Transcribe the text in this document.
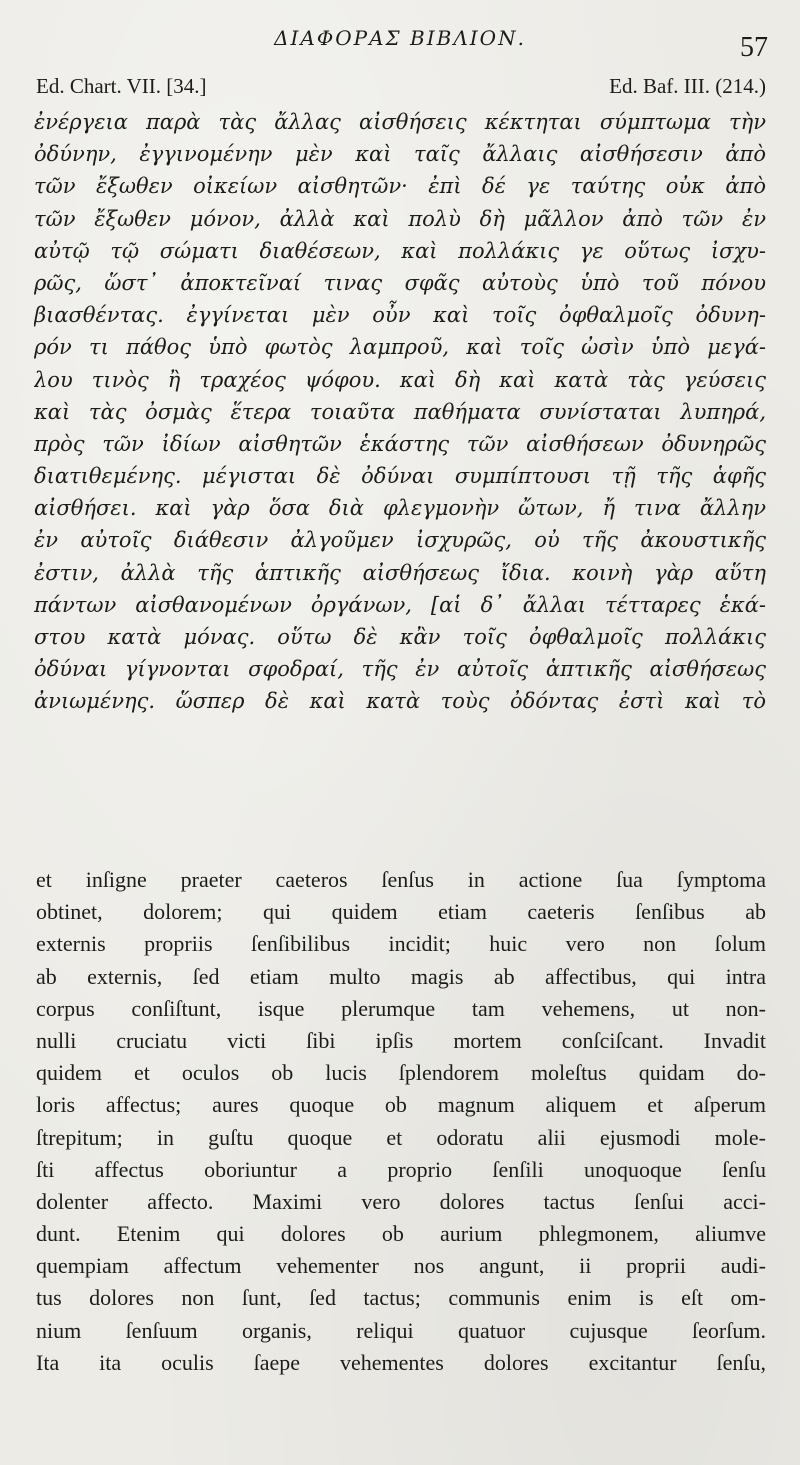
ΔΙΑΦΟΡΑΣ ΒΙΒΛΙΟΝ.	57
Ed. Chart. VII. [34.]	Ed. Baf. III. (214.)
ἐνέργεια παρὰ τὰς ἄλλας αἰσθήσεις κέκτηται σύμπτωμα τὴν
ὀδύνην, ἐγγινομένην μὲν καὶ ταῖς ἄλλαις αἰσθήσεσιν ἀπὸ
τῶν ἔξωθεν οἰκείων αἰσθητῶν· ἐπὶ δέ γε ταύτης οὐκ ἀπὸ
τῶν ἔξωθεν μόνον, ἀλλὰ καὶ πολὺ δὴ μᾶλλον ἀπὸ τῶν ἐν
αὐτῷ τῷ σώματι διαθέσεων, καὶ πολλάκις γε οὕτως ἰσχυ-
ρῶς, ὥστ᾽ ἀποκτεῖναί τινας σφᾶς αὐτοὺς ὑπὸ τοῦ πόνου
βιασθέντας. ἐγγίνεται μὲν οὖν καὶ τοῖς ὀφθαλμοῖς ὀδυνη-
ρόν τι πάθος ὑπὸ φωτὸς λαμπροῦ, καὶ τοῖς ὠσὶν ὑπὸ μεγά-
λου τινὸς ἢ τραχέος ψόφου. καὶ δὴ καὶ κατὰ τὰς γεύσεις
καὶ τὰς ὀσμὰς ἕτερα τοιαῦτα παθήματα συνίσταται λυπηρά,
πρὸς τῶν ἰδίων αἰσθητῶν ἑκάστης τῶν αἰσθήσεων ὀδυνηρῶς
διατιθεμένης. μέγισται δὲ ὀδύναι συμπίπτουσι τῇ τῆς ἁφῆς
αἰσθήσει. καὶ γὰρ ὅσα διὰ φλεγμονὴν ὤτων, ἤ τινα ἄλλην
ἐν αὐτοῖς διάθεσιν ἀλγοῦμεν ἰσχυρῶς, οὐ τῆς ἀκουστικῆς
ἐστιν, ἀλλὰ τῆς ἁπτικῆς αἰσθήσεως ἴδια. κοινὴ γὰρ αὕτη
πάντων αἰσθανομένων ὀργάνων, [αἱ δ᾽ ἄλλαι τέτταρες ἑκά-
στου κατὰ μόνας. οὕτω δὲ κἂν τοῖς ὀφθαλμοῖς πολλάκις
ὀδύναι γίγνονται σφοδραί, τῆς ἐν αὐτοῖς ἁπτικῆς αἰσθήσεως
ἀνιωμένης. ὥσπερ δὲ καὶ κατὰ τοὺς ὀδόντας ἐστὶ καὶ τὸ
et inſigne praeter caeteros ſenſus in actione ſua ſymptoma
obtinet, dolorem; qui quidem etiam caeteris ſenſibus ab
externis propriis ſenſibilibus incidit; huic vero non ſolum
ab externis, ſed etiam multo magis ab affectibus, qui intra
corpus conſiſtunt, isque plerumque tam vehemens, ut non-
nulli cruciatu victi ſibi ipſis mortem conſciſcant. Invadit
quidem et oculos ob lucis ſplendorem moleſtus quidam do-
loris affectus; aures quoque ob magnum aliquem et aſperum
ſtrepitum; in guſtu quoque et odoratu alii ejusmodi mole-
ſti affectus oboriuntur a proprio ſenſili unoquoque ſenſu
dolenter affecto. Maximi vero dolores tactus ſenſui acci-
dunt. Etenim qui dolores ob aurium phlegmonem, aliumve
quempiam affectum vehementer nos angunt, ii proprii audi-
tus dolores non ſunt, ſed tactus; communis enim is eſt om-
nium ſenſuum organis, reliqui quatuor cujusque ſeorſum.
Ita ita oculis ſaepe vehementes dolores excitantur ſenſu,
